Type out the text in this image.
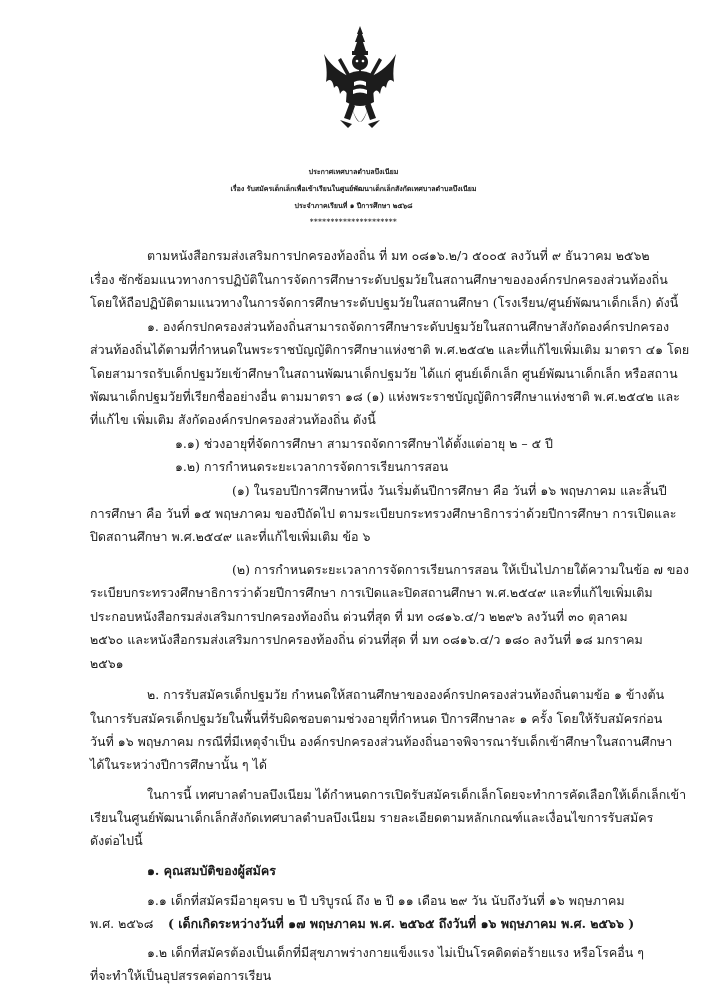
ประกาศเทศบาลตำบลบึงเนียม
เรื่อง รับสมัครเด็กเล็กเพื่อเข้าเรียนในศูนย์พัฒนาเด็กเล็กสังกัดเทศบาลตำบลบึงเนียม
ประจำภาคเรียนที่ ๑ ปีการศึกษา ๒๕๖๘
*********************
ตามหนังสือกรมส่งเสริมการปกครองท้องถิ่น ที่ มท ๐๘๑๖.๒/ว ๕๐๐๕ ลงวันที่ ๙ ธันวาคม ๒๕๖๒
เรื่อง ซักซ้อมแนวทางการปฏิบัติในการจัดการศึกษาระดับปฐมวัยในสถานศึกษาขององค์กรปกครองส่วนท้องถิ่น
โดยให้ถือปฏิบัติตามแนวทางในการจัดการศึกษาระดับปฐมวัยในสถานศึกษา (โรงเรียน/ศูนย์พัฒนาเด็กเล็ก) ดังนี้
๑. องค์กรปกครองส่วนท้องถิ่นสามารถจัดการศึกษาระดับปฐมวัยในสถานศึกษาสังกัดองค์กรปกครอง
ส่วนท้องถิ่นได้ตามที่กำหนดในพระราชบัญญัติการศึกษาแห่งชาติ พ.ศ.๒๕๔๒ และที่แก้ไขเพิ่มเติม มาตรา ๔๑ โดย
โดยสามารถรับเด็กปฐมวัยเข้าศึกษาในสถานพัฒนาเด็กปฐมวัย ได้แก่ ศูนย์เด็กเล็ก ศูนย์พัฒนาเด็กเล็ก หรือสถาน
พัฒนาเด็กปฐมวัยที่เรียกชื่ออย่างอื่น ตามมาตรา ๑๘ (๑) แห่งพระราชบัญญัติการศึกษาแห่งชาติ พ.ศ.๒๕๔๒ และ
ที่แก้ไข เพิ่มเติม สังกัดองค์กรปกครองส่วนท้องถิ่น ดังนี้
๑.๑) ช่วงอายุที่จัดการศึกษา สามารถจัดการศึกษาได้ตั้งแต่อายุ ๒ – ๕ ปี
๑.๒) การกำหนดระยะเวลาการจัดการเรียนการสอน
(๑) ในรอบปีการศึกษาหนึ่ง วันเริ่มต้นปีการศึกษา คือ วันที่ ๑๖ พฤษภาคม และสิ้นปี
การศึกษา คือ วันที่ ๑๕ พฤษภาคม ของปีถัดไป ตามระเบียบกระทรวงศึกษาธิการว่าด้วยปีการศึกษา การเปิดและ
ปิดสถานศึกษา พ.ศ.๒๕๔๙ และที่แก้ไขเพิ่มเติม ข้อ ๖
(๒) การกำหนดระยะเวลาการจัดการเรียนการสอน ให้เป็นไปภายใต้ความในข้อ ๗ ของ
ระเบียบกระทรวงศึกษาธิการว่าด้วยปีการศึกษา การเปิดและปิดสถานศึกษา พ.ศ.๒๕๔๙ และที่แก้ไขเพิ่มเติม
ประกอบหนังสือกรมส่งเสริมการปกครองท้องถิ่น ด่วนที่สุด ที่ มท ๐๘๑๖.๔/ว ๒๒๙๖ ลงวันที่ ๓๐ ตุลาคม
๒๕๖๐ และหนังสือกรมส่งเสริมการปกครองท้องถิ่น ด่วนที่สุด ที่ มท ๐๘๑๖.๔/ว ๑๘๐ ลงวันที่ ๑๘ มกราคม
๒๕๖๑
๒. การรับสมัครเด็กปฐมวัย กำหนดให้สถานศึกษาขององค์กรปกครองส่วนท้องถิ่นตามข้อ ๑ ข้างต้น
ในการรับสมัครเด็กปฐมวัยในพื้นที่รับผิดชอบตามช่วงอายุที่กำหนด ปีการศึกษาละ ๑ ครั้ง โดยให้รับสมัครก่อน
วันที่ ๑๖ พฤษภาคม กรณีที่มีเหตุจำเป็น องค์กรปกครองส่วนท้องถิ่นอาจพิจารณารับเด็กเข้าศึกษาในสถานศึกษา
ได้ในระหว่างปีการศึกษานั้น ๆ ได้
ในการนี้ เทศบาลตำบลบึงเนียม ได้กำหนดการเปิดรับสมัครเด็กเล็กโดยจะทำการคัดเลือกให้เด็กเล็กเข้า
เรียนในศูนย์พัฒนาเด็กเล็กสังกัดเทศบาลตำบลบึงเนียม รายละเอียดตามหลักเกณฑ์และเงื่อนไขการรับสมัคร
ดังต่อไปนี้
๑. คุณสมบัติของผู้สมัคร
๑.๑ เด็กที่สมัครมีอายุครบ ๒ ปี บริบูรณ์ ถึง ๒ ปี ๑๑ เดือน ๒๙ วัน นับถึงวันที่ ๑๖ พฤษภาคม
พ.ศ. ๒๕๖๘ ( เด็กเกิดระหว่างวันที่ ๑๗ พฤษภาคม พ.ศ. ๒๕๖๕ ถึงวันที่ ๑๖ พฤษภาคม พ.ศ. ๒๕๖๖ )
๑.๒ เด็กที่สมัครต้องเป็นเด็กที่มีสุขภาพร่างกายแข็งแรง ไม่เป็นโรคติดต่อร้ายแรง หรือโรคอื่น ๆ
ที่จะทำให้เป็นอุปสรรคต่อการเรียน
